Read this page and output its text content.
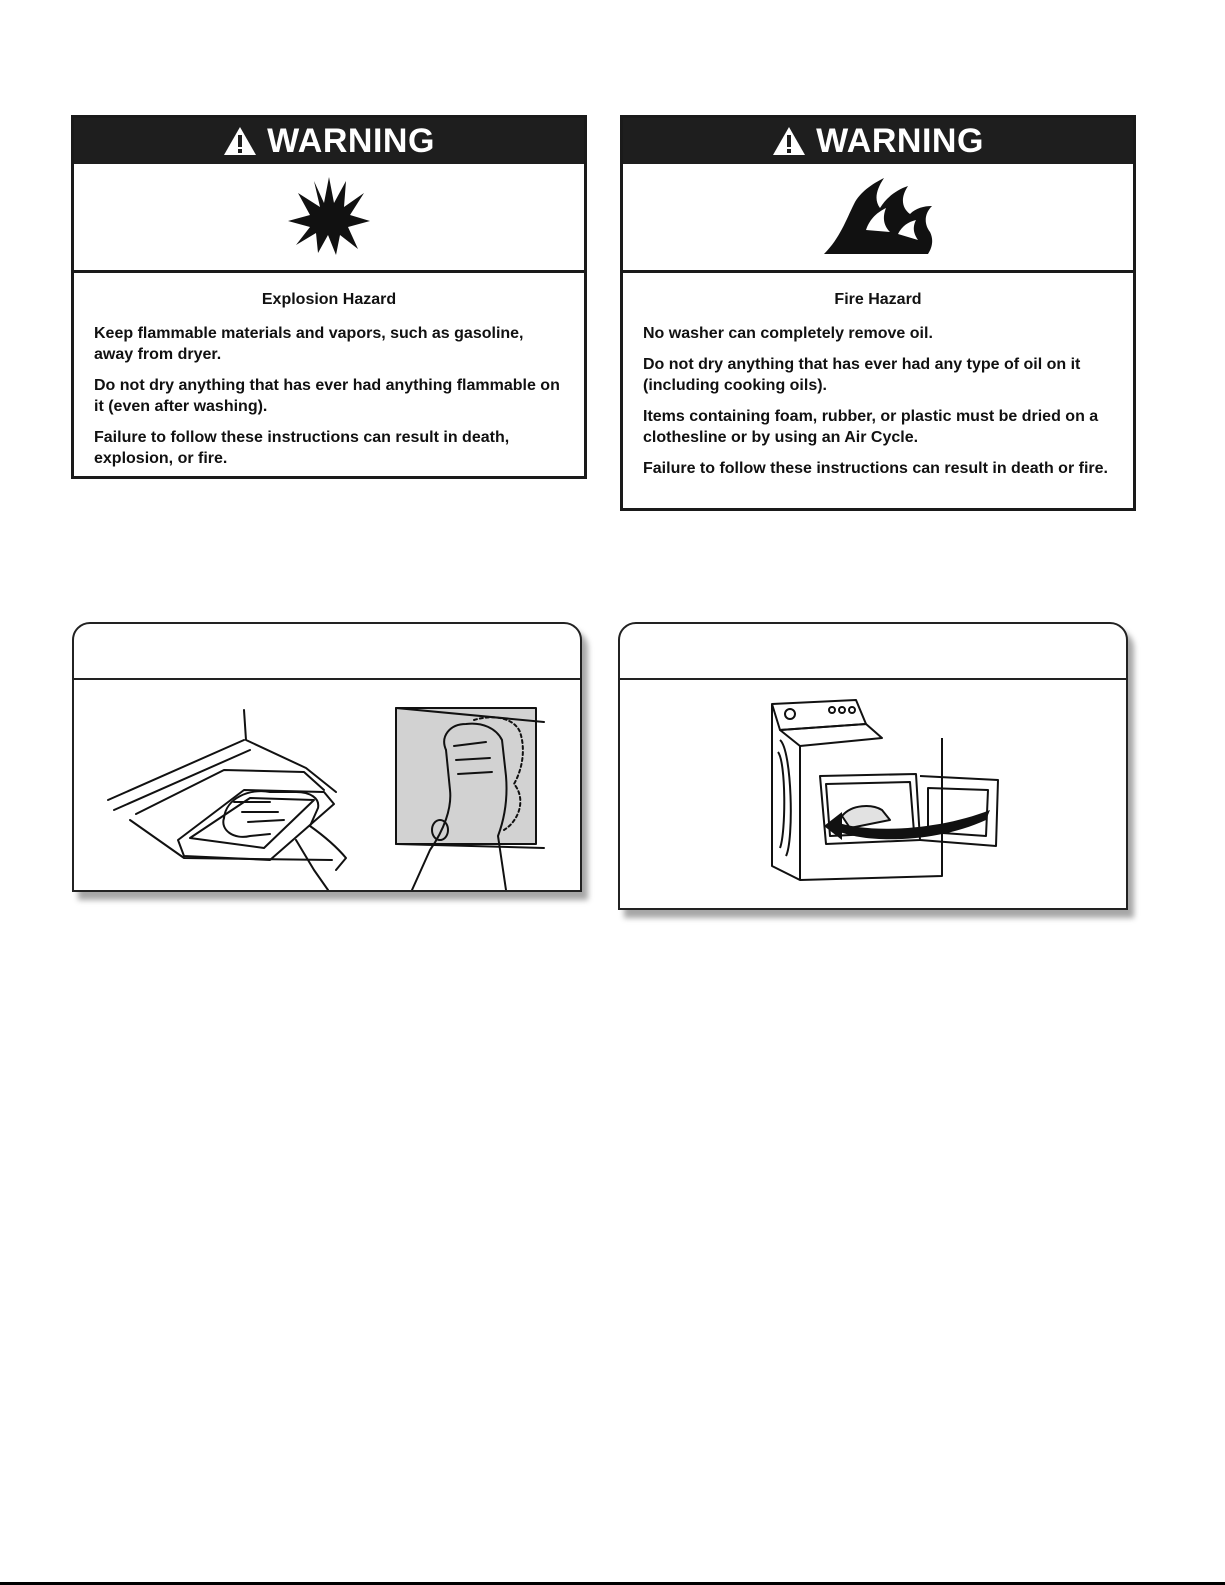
WARNING
Explosion Hazard

Keep flammable materials and vapors, such as gasoline, away from dryer.

Do not dry anything that has ever had anything flammable on it (even after washing).

Failure to follow these instructions can result in death, explosion, or fire.

WARNING
Fire Hazard

No washer can completely remove oil.

Do not dry anything that has ever had any type of oil on it (including cooking oils).

Items containing foam, rubber, or plastic must be dried on a clothesline or by using an Air Cycle.

Failure to follow these instructions can result in death or fire.
